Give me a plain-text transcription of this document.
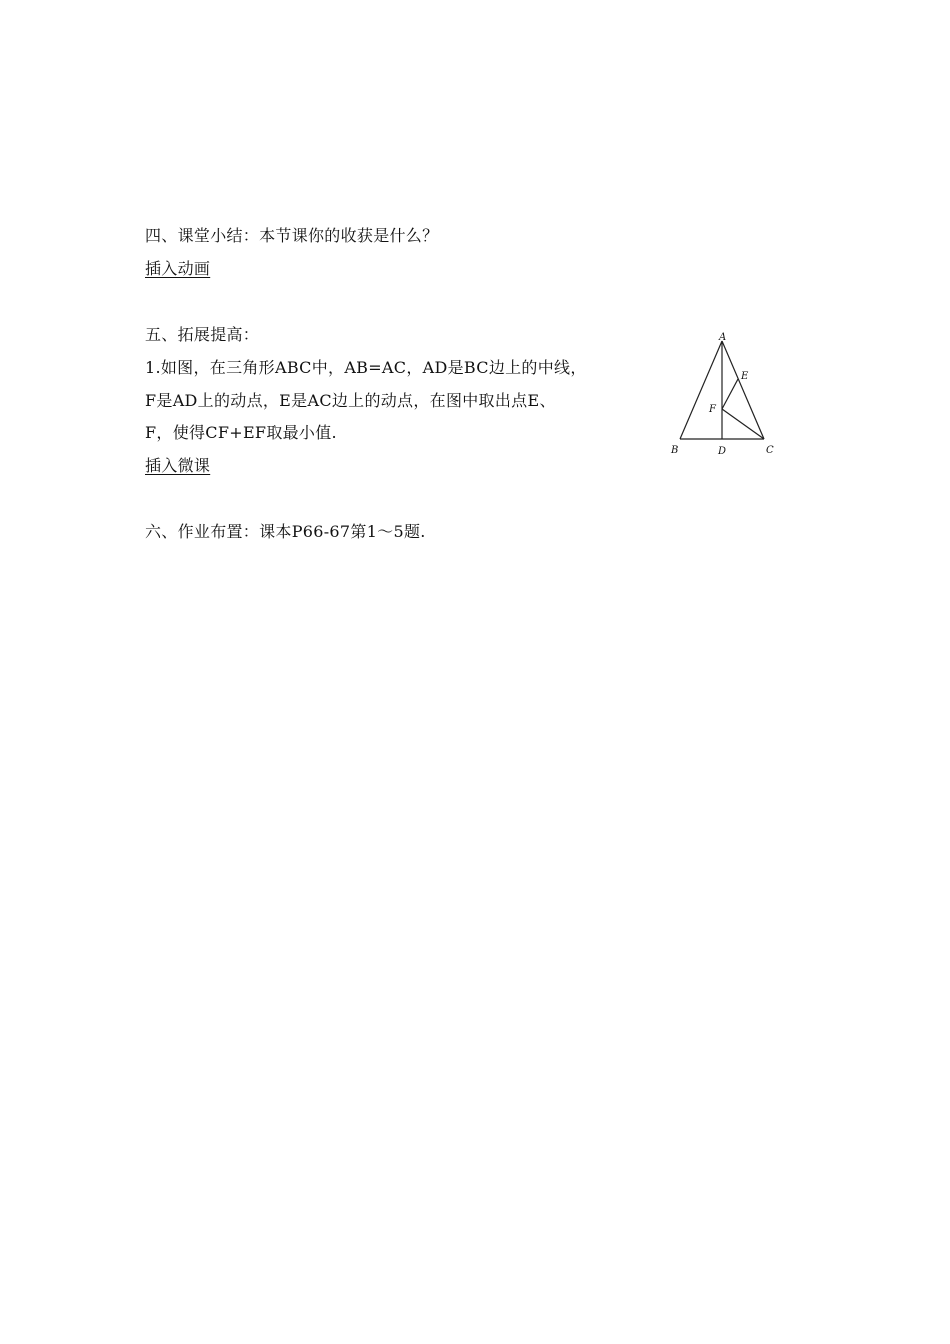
四、课堂小结：本节课你的收获是什么？
插入动画
五、拓展提高：
1.如图，在三角形ABC中，AB=AC，AD是BC边上的中线，
F是AD上的动点，E是AC边上的动点，在图中取出点E、
F，使得CF+EF取最小值.
插入微课
A
B	C
D
E
F
六、作业布置：课本P66-67第1～5题.
